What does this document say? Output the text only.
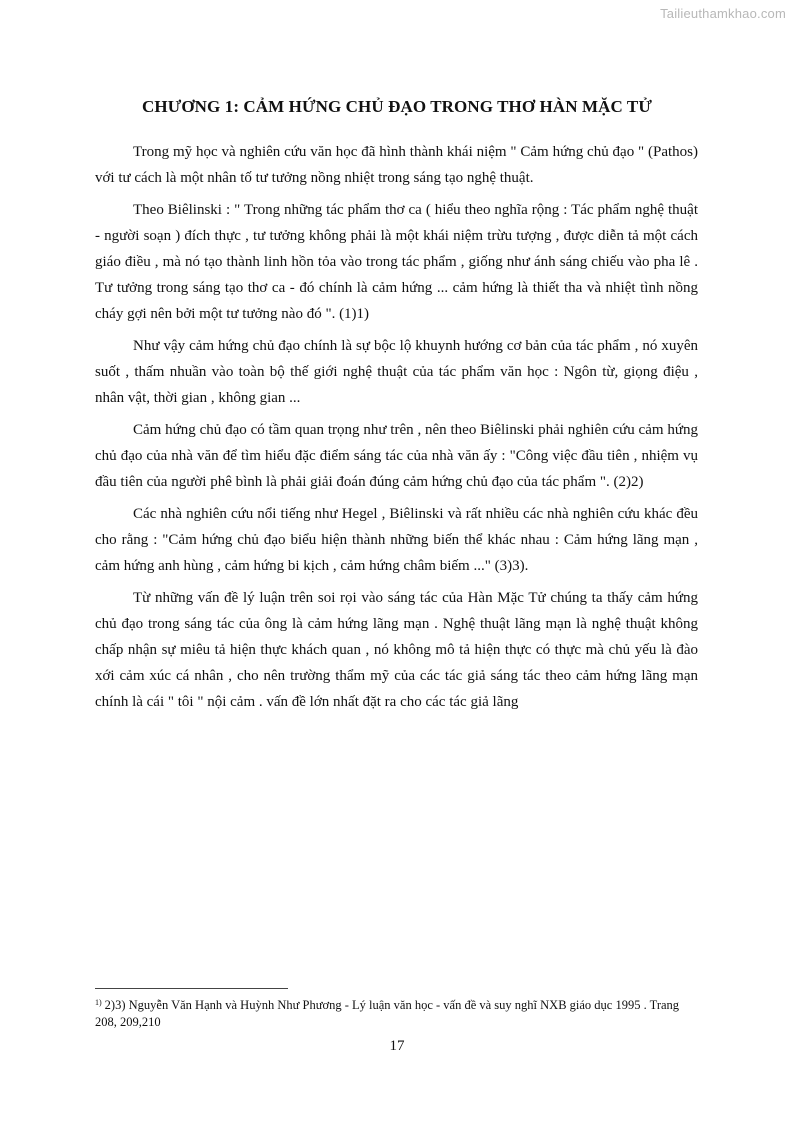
Tailieuthamkhao.com
CHƯƠNG 1: CẢM HỨNG CHỦ ĐẠO TRONG THƠ HÀN MẶC TỬ

Trong mỹ học và nghiên cứu văn học đã hình thành khái niệm " Cảm hứng chủ đạo " (Pathos) với tư cách là một nhân tố tư tưởng nồng nhiệt trong sáng tạo nghệ thuật.

Theo Biêlinski : " Trong những tác phẩm thơ ca ( hiểu theo nghĩa rộng : Tác phẩm nghệ thuật - người soạn ) đích thực , tư tưởng không phải là một khái niệm trừu tượng , được diễn tả một cách giáo điều , mà nó tạo thành linh hồn tỏa vào trong tác phẩm , giống như ánh sáng chiếu vào pha lê . Tư tưởng trong sáng tạo thơ ca - đó chính là cảm hứng ... cảm hứng là thiết tha và nhiệt tình nồng cháy gợi nên bởi một tư tưởng nào đó ". (1)1)

Như vậy cảm hứng chủ đạo chính là sự bộc lộ khuynh hướng cơ bản của tác phẩm , nó xuyên suốt , thấm nhuần vào toàn bộ thế giới nghệ thuật của tác phẩm văn học : Ngôn từ, giọng điệu , nhân vật, thời gian , không gian ...

Cảm hứng chủ đạo có tầm quan trọng như trên , nên theo Biêlinski phải nghiên cứu cảm hứng chủ đạo của nhà văn để tìm hiểu đặc điểm sáng tác của nhà văn ấy : "Công việc đầu tiên , nhiệm vụ đầu tiên của người phê bình là phải giải đoán đúng cảm hứng chủ đạo của tác phẩm ". (2)2)

Các nhà nghiên cứu nổi tiếng như Hegel , Biêlinski và rất nhiều các nhà nghiên cứu khác đều cho rằng : "Cảm hứng chủ đạo biểu hiện thành những biến thể khác nhau : Cảm hứng lãng mạn , cảm hứng anh hùng , cảm hứng bi kịch , cảm hứng châm biếm ..." (3)3).

Từ những vấn đề lý luận trên soi rọi vào sáng tác của Hàn Mặc Tử chúng ta thấy cảm hứng chủ đạo trong sáng tác của ông là cảm hứng lãng mạn . Nghệ thuật lãng mạn là nghệ thuật không chấp nhận sự miêu tả hiện thực khách quan , nó không mô tả hiện thực có thực mà chủ yếu là đào xới cảm xúc cá nhân , cho nên trường thẩm mỹ của các tác giả sáng tác theo cảm hứng lãng mạn chính là cái " tôi " nội cảm . vấn đề lớn nhất đặt ra cho các tác giả lãng

$^{1)}$ 2)3) Nguyễn Văn Hạnh và Huỳnh Như Phương - Lý luận văn học - vấn đề và suy nghĩ NXB giáo dục 1995 . Trang 208, 209,210
17
